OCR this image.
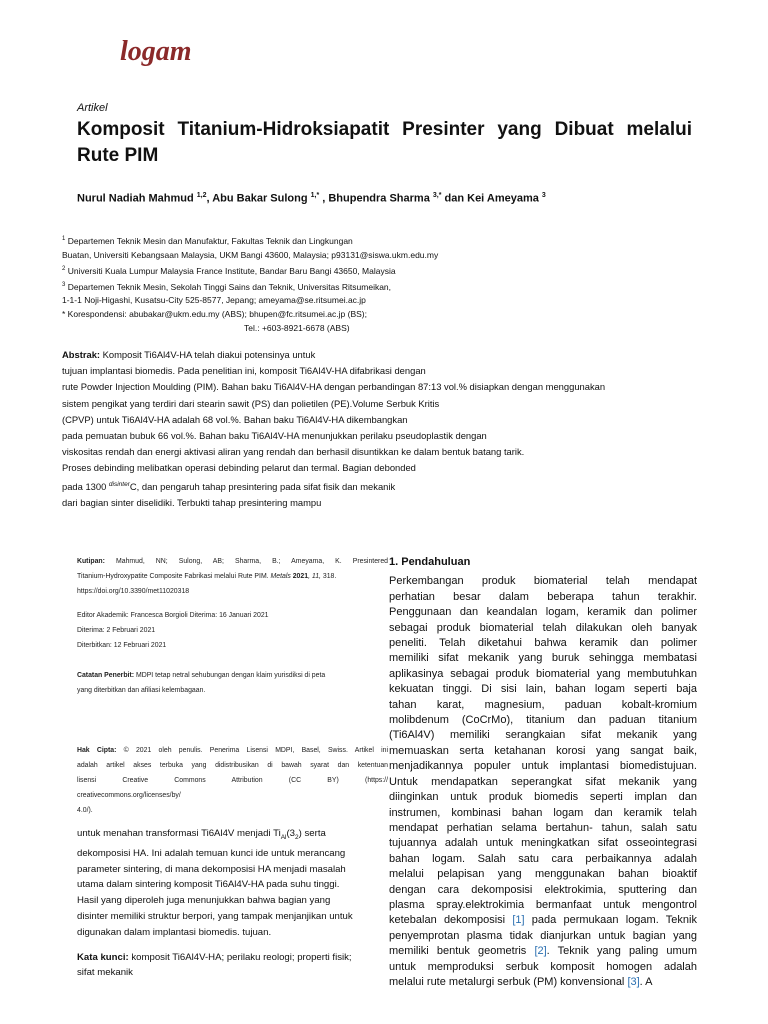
logam
Artikel
Komposit Titanium-Hidroksiapatit Presinter yang Dibuat melalui Rute PIM
Nurul Nadiah Mahmud $^{1,2}$, Abu Bakar Sulong $^{1,*}$ , Bhupendra Sharma $^{3,*}$ dan Kei Ameyama $^3$
$^1$ Departemen Teknik Mesin dan Manufaktur, Fakultas Teknik dan Lingkungan
Buatan, Universiti Kebangsaan Malaysia, UKM Bangi 43600, Malaysia; p93131@siswa.ukm.edu.my
$^2$ Universiti Kuala Lumpur Malaysia France Institute, Bandar Baru Bangi 43650, Malaysia
$^3$ Departemen Teknik Mesin, Sekolah Tinggi Sains dan Teknik, Universitas Ritsumeikan,
1-1-1 Noji-Higashi, Kusatsu-City 525-8577, Jepang; ameyama@se.ritsumei.ac.jp
* Korespondensi: abubakar@ukm.edu.my (ABS); bhupen@fc.ritsumei.ac.jp (BS);
Tel.: +603-8921-6678 (ABS)
Abstrak: Komposit Ti6Al4V-HA telah diakui potensinya untuk
tujuan implantasi biomedis. Pada penelitian ini, komposit Ti6Al4V-HA difabrikasi dengan
rute Powder Injection Moulding (PIM). Bahan baku Ti6Al4V-HA dengan perbandingan 87:13 vol.% disiapkan dengan menggunakan
sistem pengikat yang terdiri dari stearin sawit (PS) dan polietilen (PE).Volume Serbuk Kritis
(CPVP) untuk Ti6Al4V-HA adalah 68 vol.%. Bahan baku Ti6Al4V-HA dikembangkan
pada pemuatan bubuk 66 vol.%. Bahan baku Ti6Al4V-HA menunjukkan perilaku pseudoplastik dengan
viskositas rendah dan energi aktivasi aliran yang rendah dan berhasil disuntikkan ke dalam bentuk batang tarik.
Proses debinding melibatkan operasi debinding pelarut dan termal. Bagian debonded
pada 1300 $^{disinter}$C, dan pengaruh tahap presintering pada sifat fisik dan mekanik
dari bagian sinter diselidiki. Terbukti tahap presintering mampu
Kutipan: Mahmud, NN; Sulong, AB; Sharma, B.; Ameyama, K. Presintered
Titanium-Hydroxypatite Composite Fabrikasi melalui Rute PIM. Metals 2021, 11, 318.
https://doi.org/10.3390/met11020318
Editor Akademik: Francesca Borgioli Diterima: 16 Januari 2021
Diterima: 2 Februari 2021
Diterbitkan: 12 Februari 2021
Catatan Penerbit: MDPI tetap netral sehubungan dengan klaim yurisdiksi di peta
yang diterbitkan dan afiliasi kelembagaan.
Hak Cipta: © 2021 oleh penulis. Penerima Lisensi MDPI, Basel, Swiss. Artikel ini
adalah artikel akses terbuka yang didistribusikan di bawah syarat dan ketentuan
lisensi Creative Commons Attribution (CC BY) (https://
creativecommons.org/licenses/by/
4.0/).
untuk menahan transformasi Ti6Al4V menjadi $Ti_{Al}(3_2)$ serta
dekomposisi HA. Ini adalah temuan kunci ide untuk merancang
parameter sintering, di mana dekomposisi HA menjadi masalah
utama dalam sintering komposit Ti6Al4V-HA pada suhu tinggi.
Hasil yang diperoleh juga menunjukkan bahwa bagian yang
disinter memiliki struktur berpori, yang tampak menjanjikan untuk
digunakan dalam implantasi biomedis. tujuan.
Kata kunci: komposit Ti6Al4V-HA; perilaku reologi; properti fisik;
sifat mekanik
1. Pendahuluan
Perkembangan produk biomaterial telah mendapat
perhatian besar dalam beberapa tahun terakhir.
Penggunaan dan keandalan logam, keramik dan polimer
sebagai produk biomaterial telah dilakukan oleh banyak
peneliti. Telah diketahui bahwa keramik dan polimer
memiliki sifat mekanik yang buruk sehingga membatasi
aplikasinya sebagai produk biomaterial yang membutuhkan
kekuatan tinggi. Di sisi lain, bahan logam seperti baja
tahan karat, magnesium, paduan kobalt-kromium
molibdenum (CoCrMo), titanium dan paduan titanium
(Ti6Al4V) memiliki serangkaian sifat mekanik yang
memuaskan serta ketahanan korosi yang sangat baik,
menjadikannya populer untuk implantasi biomedistujuan.
Untuk mendapatkan seperangkat sifat mekanik yang
diinginkan untuk produk biomedis seperti implan dan
instrumen, kombinasi bahan logam dan keramik telah
mendapat perhatian selama bertahun- tahun, salah satu
tujuannya adalah untuk meningkatkan sifat osseointegrasi
bahan logam. Salah satu cara perbaikannya adalah
melalui pelapisan yang menggunakan bahan bioaktif
dengan cara dekomposisi elektrokimia, sputtering dan
plasma spray.elektrokimia bermanfaat untuk mengontrol
ketebalan dekomposisi [1] pada permukaan logam. Teknik
penyemprotan plasma tidak dianjurkan untuk bagian yang
memiliki bentuk geometris [2]. Teknik yang paling umum
untuk memproduksi serbuk komposit homogen adalah
melalui rute metalurgi serbuk (PM) konvensional [3]. A
